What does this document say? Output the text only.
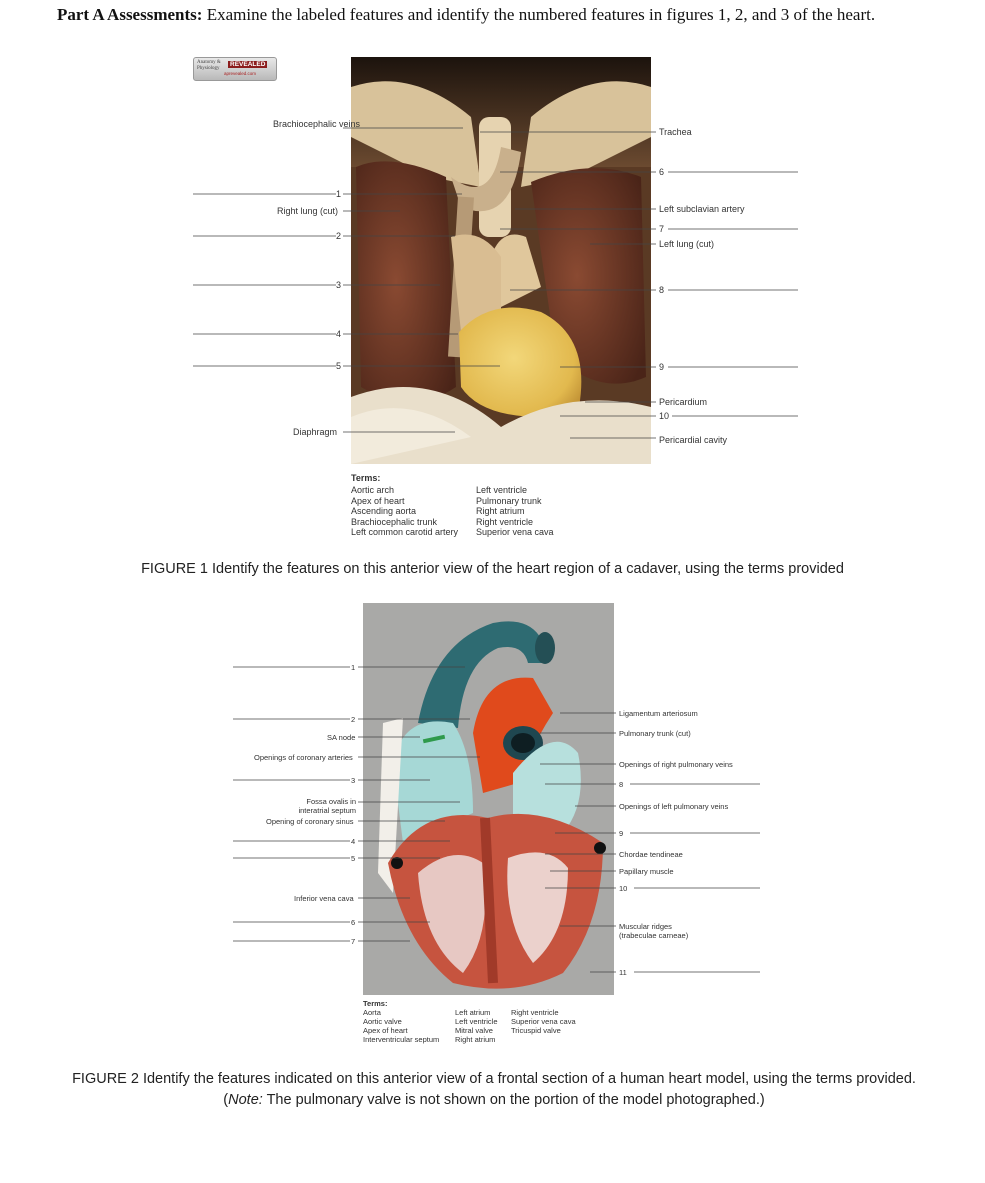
Part A Assessments: Examine the labeled features and identify the numbered features in figures 1, 2, and 3 of the heart.
Anatomy & Physiology
REVEALED
aprevealed.com
Brachiocephalic veins
Right lung (cut)
Diaphragm
Trachea
Left subclavian artery
Left lung (cut)
Pericardium
Pericardial cavity
1
2
3
4
5
6
7
8
9
10
Terms:
Aortic arch
Apex of heart
Ascending aorta
Brachiocephalic trunk
Left common carotid artery
Left ventricle
Pulmonary trunk
Right atrium
Right ventricle
Superior vena cava
FIGURE 1 Identify the features on this anterior view of the heart region of a cadaver, using the terms provided
SA node
Openings of coronary arteries
Fossa ovalis in
interatrial septum
Opening of coronary sinus
Inferior vena cava
1
2
3
4
5
6
7
Ligamentum arteriosum
Pulmonary trunk (cut)
Openings of right pulmonary veins
Openings of left pulmonary veins
Chordae tendineae
Papillary muscle
Muscular ridges
(trabeculae carneae)
8
9
10
11
Terms:
Aorta
Aortic valve
Apex of heart
Interventricular septum
Left atrium
Left ventricle
Mitral valve
Right atrium
Right ventricle
Superior vena cava
Tricuspid valve
FIGURE 2 Identify the features indicated on this anterior view of a frontal section of a human heart model, using the terms provided. (Note: The pulmonary valve is not shown on the portion of the model photographed.)
